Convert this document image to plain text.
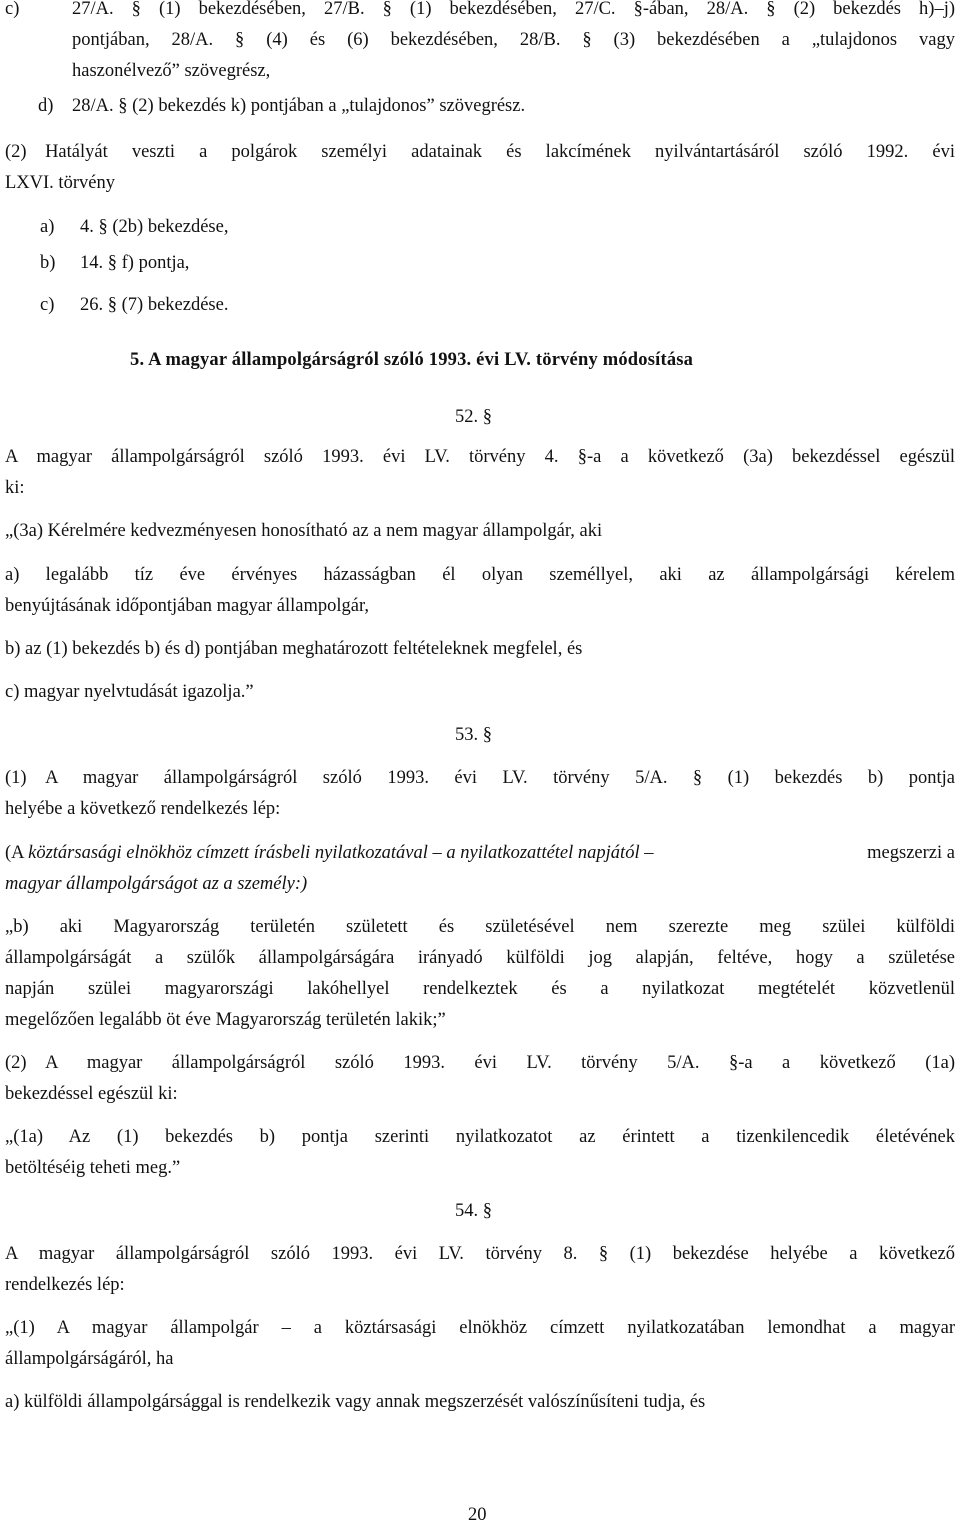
c)	27/A. § (1) bekezdésében, 27/B. § (1) bekezdésében, 27/C. §-ában, 28/A. § (2) bekezdés h)–j)
pontjában, 28/A. § (4) és (6) bekezdésében, 28/B. § (3) bekezdésében a „tulajdonos vagy
haszonélvező” szövegrész,
d) 28/A. § (2) bekezdés k) pontjában a „tulajdonos” szövegrész.
(2) Hatályát veszti a polgárok személyi adatainak és lakcímének nyilvántartásáról szóló 1992. évi
LXVI. törvény
a) 4. § (2b) bekezdése,
b) 14. § f) pontja,
c) 26. § (7) bekezdése.
5. A magyar állampolgárságról szóló 1993. évi LV. törvény módosítása
52. §
A magyar állampolgárságról szóló 1993. évi LV. törvény 4. §-a a következő (3a) bekezdéssel egészül
ki:
„(3a) Kérelmére kedvezményesen honosítható az a nem magyar állampolgár, aki
a) legalább tíz éve érvényes házasságban él olyan személlyel, aki az állampolgársági kérelem
benyújtásának időpontjában magyar állampolgár,
b) az (1) bekezdés b) és d) pontjában meghatározott feltételeknek megfelel, és
c) magyar nyelvtudását igazolja.”
53. §
(1) A magyar állampolgárságról szóló 1993. évi LV. törvény 5/A. § (1) bekezdés b) pontja
helyébe a következő rendelkezés lép:
(A köztársasági elnökhöz címzett írásbeli nyilatkozatával – a nyilatkozattétel napjától –	megszerzi a
magyar állampolgárságot az a személy:)
„b) aki Magyarország területén született és születésével nem szerezte meg szülei külföldi
állampolgárságát a szülők állampolgárságára irányadó külföldi jog alapján, feltéve, hogy a születése
napján szülei magyarországi lakóhellyel rendelkeztek és a nyilatkozat megtételét közvetlenül
megelőzően legalább öt éve Magyarország területén lakik;”
(2) A magyar állampolgárságról szóló 1993. évi LV. törvény 5/A. §-a a következő (1a)
bekezdéssel egészül ki:
„(1a) Az (1) bekezdés b) pontja szerinti nyilatkozatot az érintett a tizenkilencedik életévének
betöltéséig teheti meg.”
54. §
A magyar állampolgárságról szóló 1993. évi LV. törvény 8. § (1) bekezdése helyébe a következő
rendelkezés lép:
„(1) A magyar állampolgár – a köztársasági elnökhöz címzett nyilatkozatában lemondhat a magyar
állampolgárságáról, ha
a) külföldi állampolgársággal is rendelkezik vagy annak megszerzését valószínűsíteni tudja, és
20
